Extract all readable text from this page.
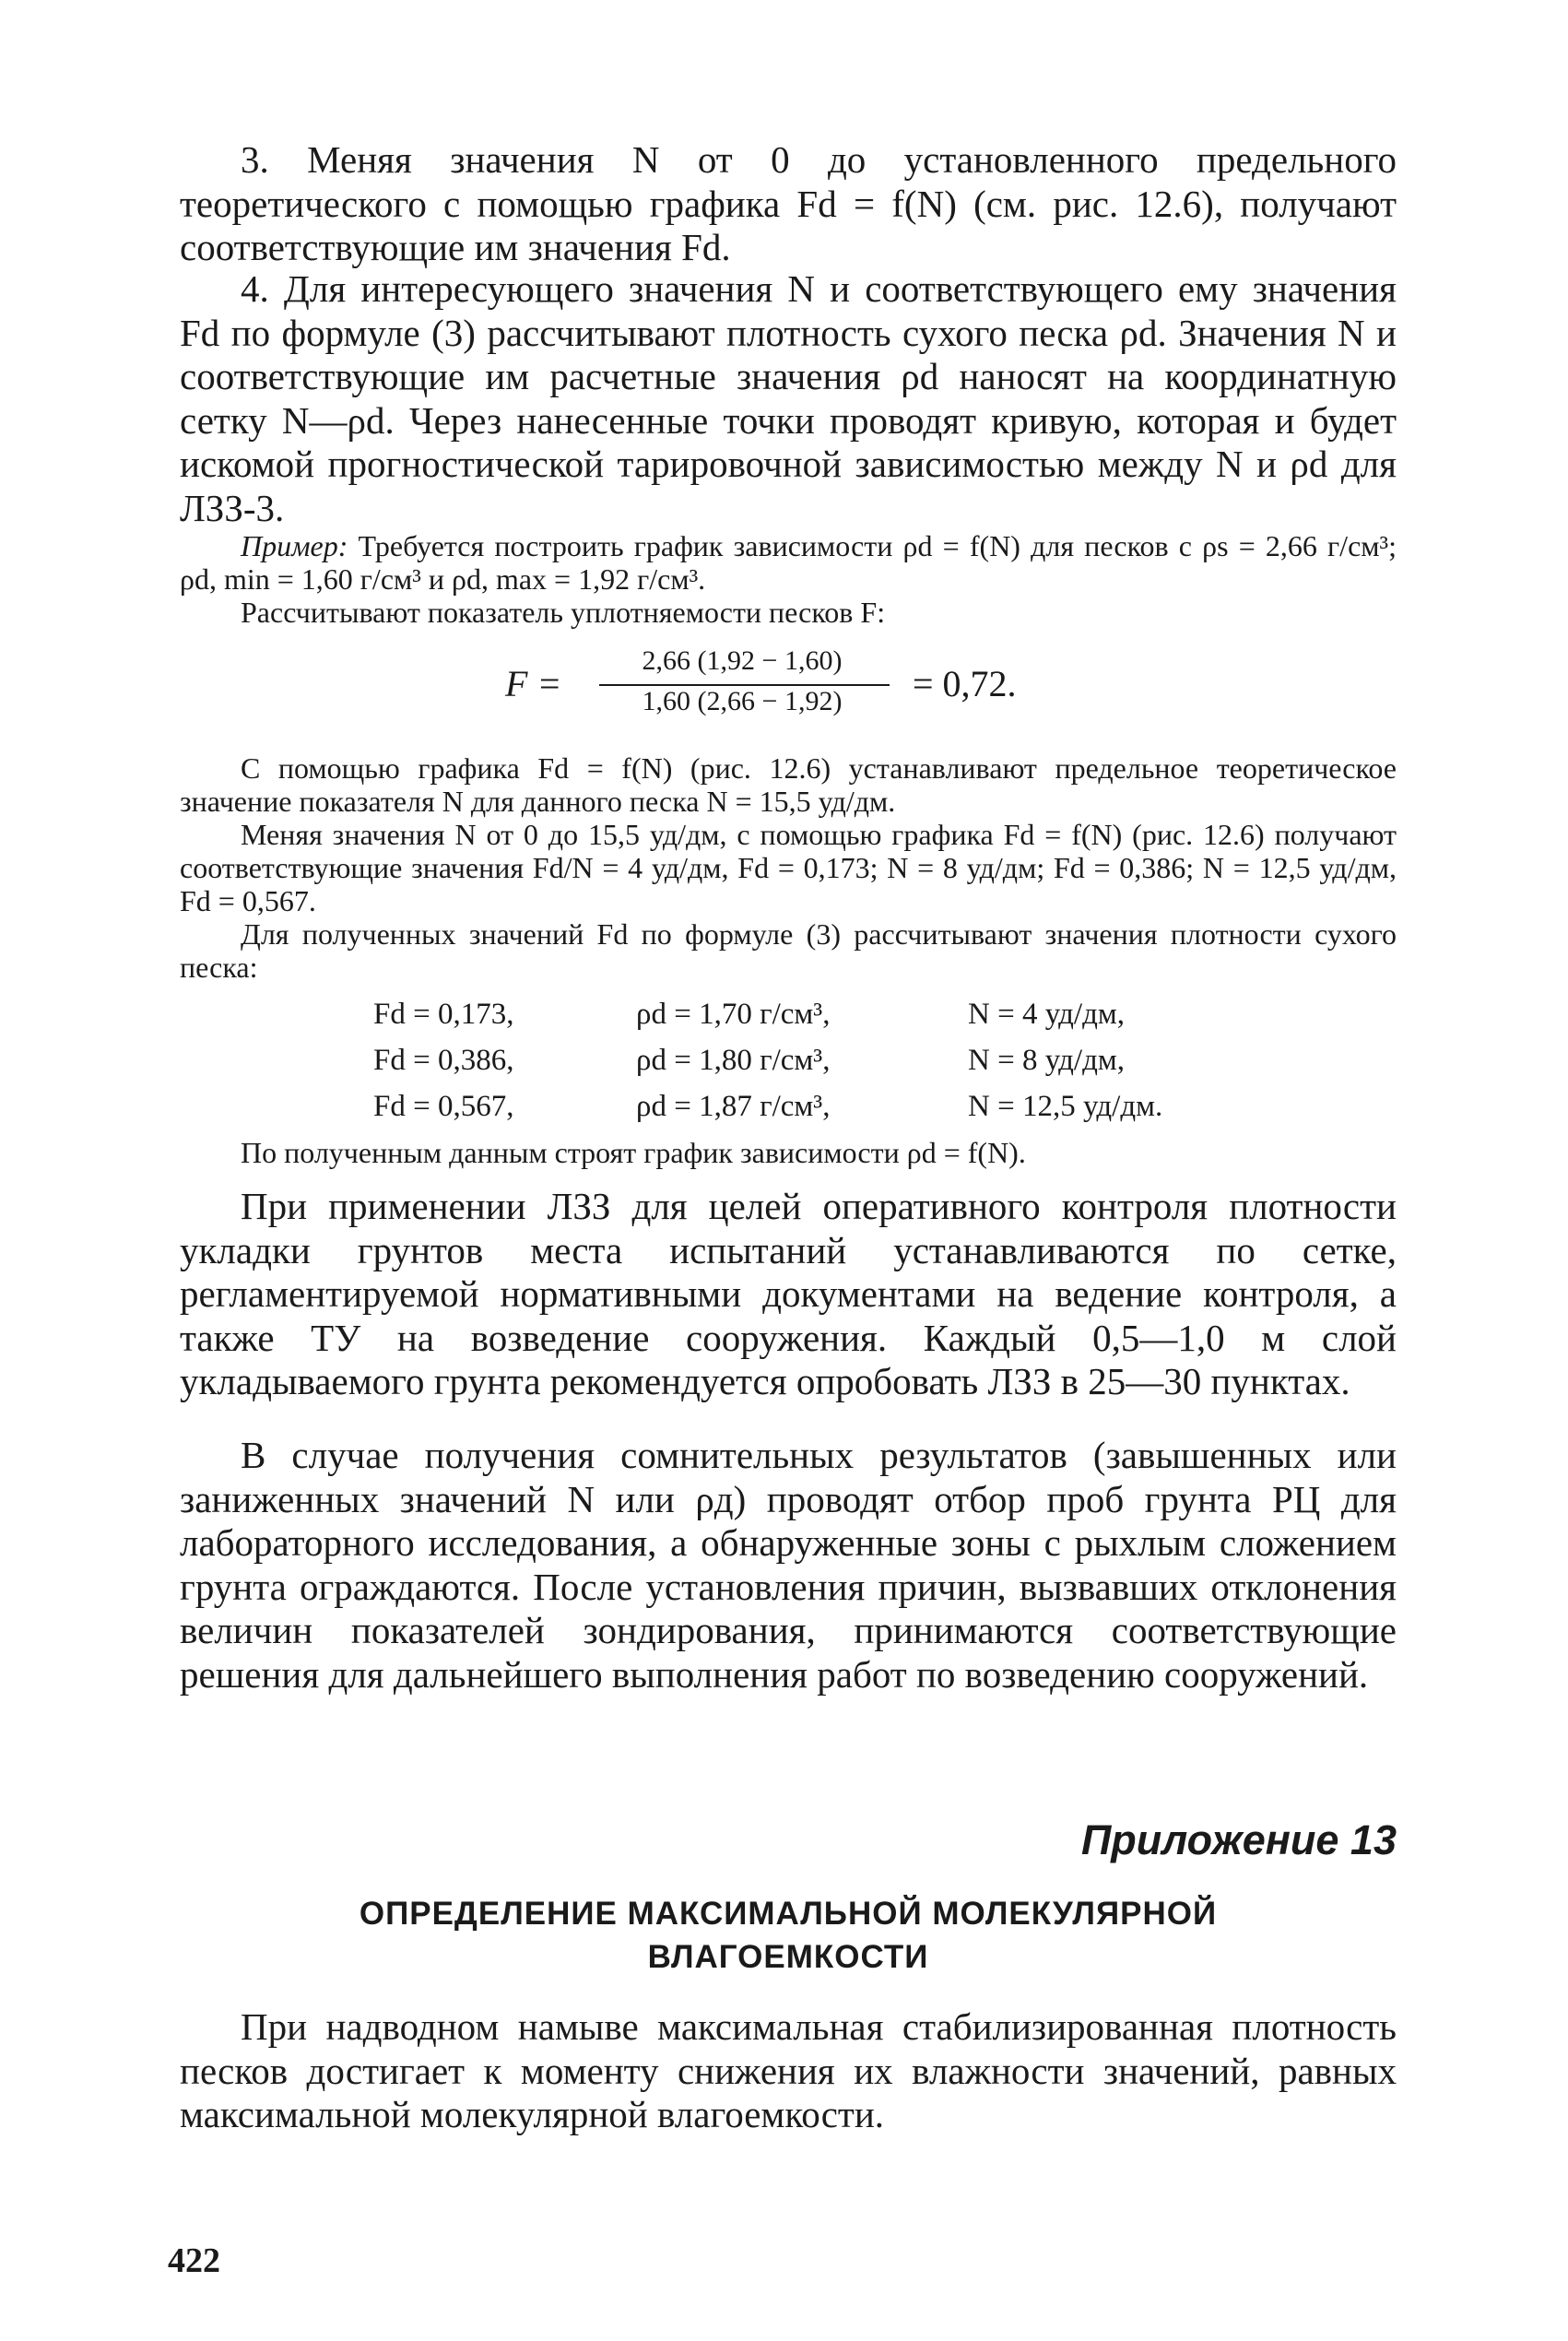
3. Меняя значения N от 0 до установленного предельного теоретического с помощью графика Fd = f(N) (см. рис. 12.6), получают соответствующие им значения Fd.

4. Для интересующего значения N и соответствующего ему значения Fd по формуле (3) рассчитывают плотность сухого песка ρd. Значения N и соответствующие им расчетные значения ρd наносят на координатную сетку N—ρd. Через нанесенные точки проводят кривую, которая и будет искомой прогностической тарировочной зависимостью между N и ρd для ЛЗЗ-3.

Пример: Требуется построить график зависимости ρd = f(N) для песков с ρs = 2,66 г/см³; ρd, min = 1,60 г/см³ и ρd, max = 1,92 г/см³.

Рассчитывают показатель уплотняемости песков F:

F =
2,66 (1,92 − 1,60)
1,60 (2,66 − 1,92)	= 0,72.

С помощью графика Fd = f(N) (рис. 12.6) устанавливают предельное теоретическое значение показателя N для данного песка N = 15,5 уд/дм.

Меняя значения N от 0 до 15,5 уд/дм, с помощью графика Fd = f(N) (рис. 12.6) получают соответствующие значения Fd/N = 4 уд/дм, Fd = 0,173; N = 8 уд/дм; Fd = 0,386; N = 12,5 уд/дм, Fd = 0,567.

Для полученных значений Fd по формуле (3) рассчитывают значения плотности сухого песка:

Fd = 0,173,	ρd = 1,70 г/см³,	N = 4 уд/дм,
Fd = 0,386,	ρd = 1,80 г/см³,	N = 8 уд/дм,
Fd = 0,567,	ρd = 1,87 г/см³,	N = 12,5 уд/дм.

По полученным данным строят график зависимости ρd = f(N).

При применении ЛЗЗ для целей оперативного контроля плотности укладки грунтов места испытаний устанавливаются по сетке, регламентируемой нормативными документами на ведение контроля, а также ТУ на возведение сооружения. Каждый 0,5—1,0 м слой укладываемого грунта рекомендуется опробовать ЛЗЗ в 25—30 пунктах.

В случае получения сомнительных результатов (завышенных или заниженных значений N или ρд) проводят отбор проб грунта РЦ для лабораторного исследования, а обнаруженные зоны с рыхлым сложением грунта ограждаются. После установления причин, вызвавших отклонения величин показателей зондирования, принимаются соответствующие решения для дальнейшего выполнения работ по возведению сооружений.

Приложение 13
ОПРЕДЕЛЕНИЕ МАКСИМАЛЬНОЙ МОЛЕКУЛЯРНОЙ
ВЛАГОЕМКОСТИ

При надводном намыве максимальная стабилизированная плотность песков достигает к моменту снижения их влажности значений, равных максимальной молекулярной влагоемкости.

422
